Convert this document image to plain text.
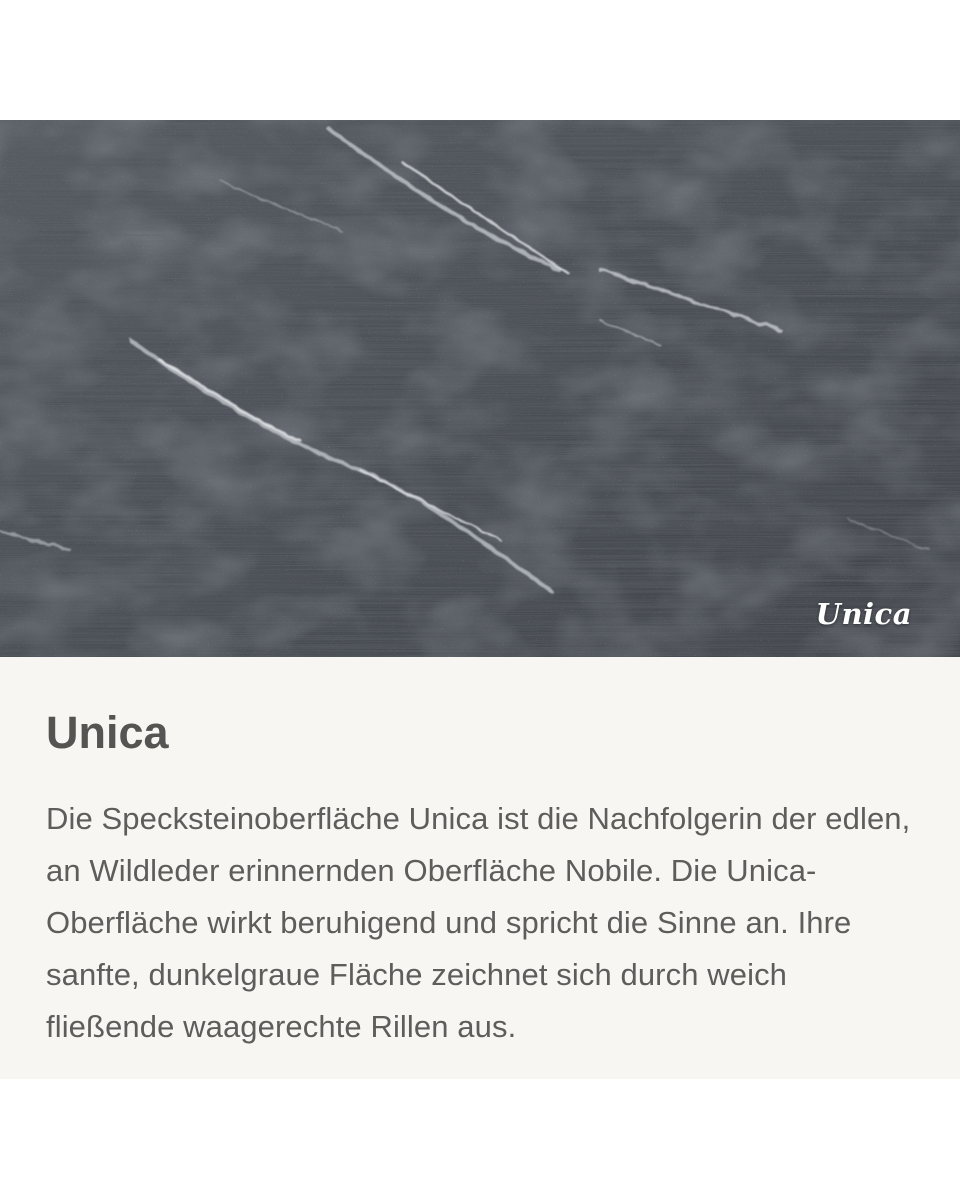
Unica
Unica

Die Specksteinoberfläche Unica ist die Nachfolgerin der edlen, an Wildleder erinnernden Oberfläche Nobile. Die Unica-Oberfläche wirkt beruhigend und spricht die Sinne an. Ihre sanfte, dunkelgraue Fläche zeichnet sich durch weich fließende waagerechte Rillen aus.
